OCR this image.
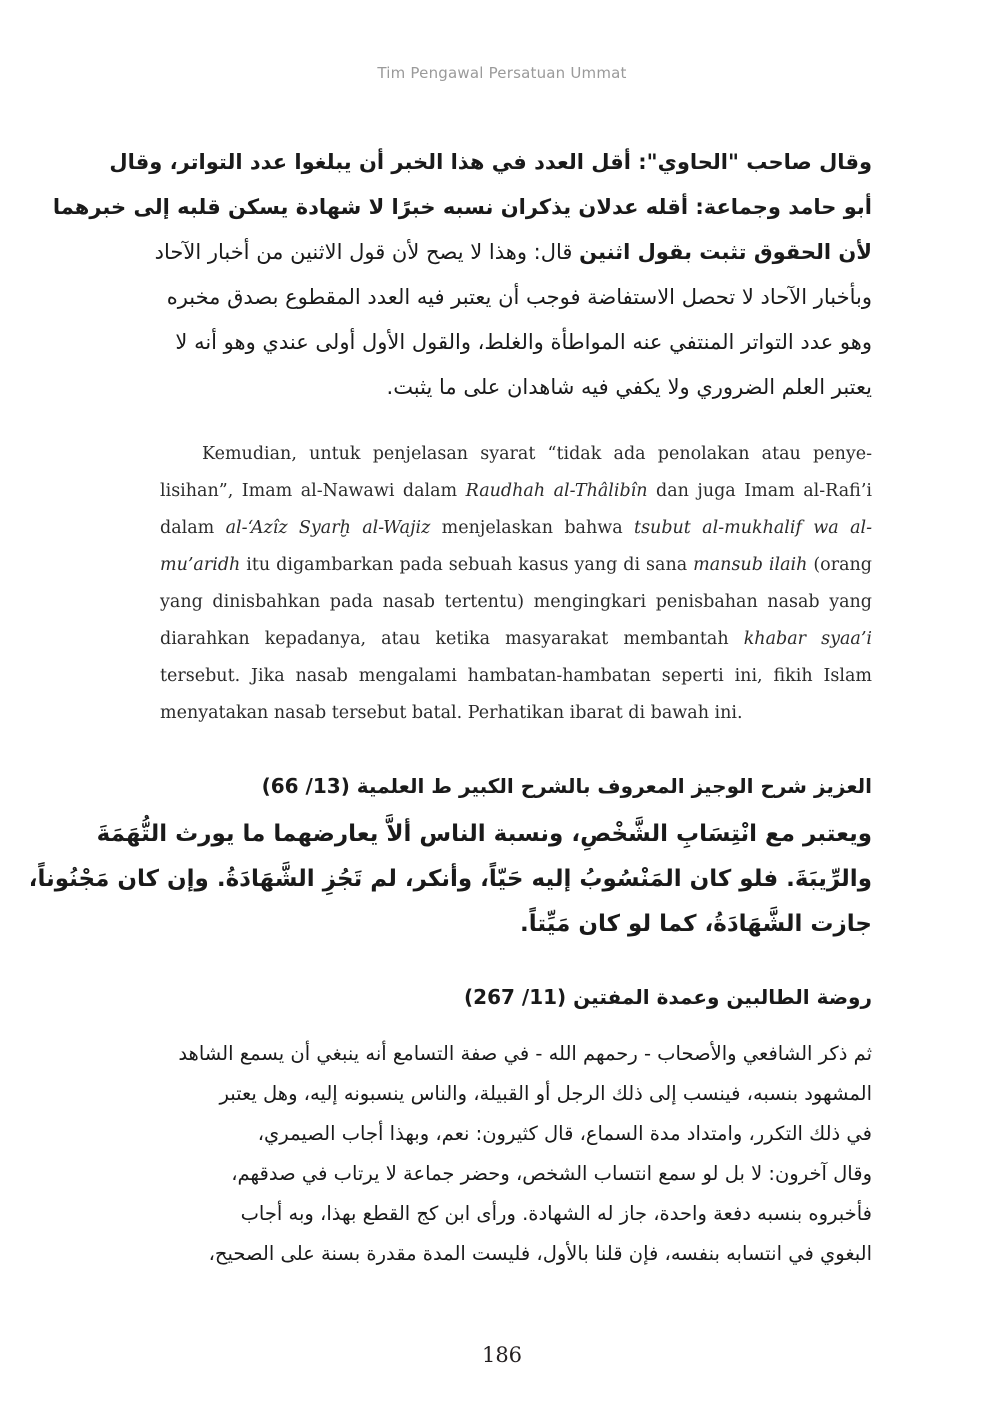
Tim Pengawal Persatuan Ummat
وقال صاحب "الحاوي": أقل العدد في هذا الخبر أن يبلغوا عدد التواتر، وقال
أبو حامد وجماعة: أقله عدلان يذكران نسبه خبرًا لا شهادة يسكن قلبه إلى خبرهما
لأن الحقوق تثبت بقول اثنين قال: وهذا لا يصح لأن قول الاثنين من أخبار الآحاد
وبأخبار الآحاد لا تحصل الاستفاضة فوجب أن يعتبر فيه العدد المقطوع بصدق مخبره
وهو عدد التواتر المنتفي عنه المواطأة والغلط، والقول الأول أولى عندي وهو أنه لا
يعتبر العلم الضروري ولا يكفي فيه شاهدان على ما يثبت.

Kemudian, untuk penjelasan syarat “tidak ada penolakan atau penye-lisihan”, Imam al-Nawawi dalam Raudhah al-Thâlibîn dan juga Imam al-Rafi’i dalam al-‘Azîz Syarḫ al-Wajiz menjelaskan bahwa tsubut al-mukhalif wa al-mu’aridh itu digambarkan pada sebuah kasus yang di sana mansub ilaih (orang yang dinisbahkan pada nasab tertentu) mengingkari penisbahan nasab yang diarahkan kepadanya, atau ketika masyarakat membantah khabar syaa’i tersebut. Jika nasab mengalami hambatan-hambatan seperti ini, fikih Islam menyatakan nasab tersebut batal. Perhatikan ibarat di bawah ini.

العزيز شرح الوجيز المعروف بالشرح الكبير ط العلمية (13/ 66)
ويعتبر مع انْتِسَابِ الشَّخْصِ، ونسبة الناس ألاَّ يعارضهما ما يورث التُّهَمَةَ
والرِّيبَةَ. فلو كان المَنْسُوبُ إليه حَيّاً، وأنكر، لم تَجُزِ الشَّهَادَةُ. وإن كان مَجْنُوناً،
جازت الشَّهَادَةُ، كما لو كان مَيِّتاً.
روضة الطالبين وعمدة المفتين (11/ 267)
ثم ذكر الشافعي والأصحاب - رحمهم الله - في صفة التسامع أنه ينبغي أن يسمع الشاهد
المشهود بنسبه، فينسب إلى ذلك الرجل أو القبيلة، والناس ينسبونه إليه، وهل يعتبر
في ذلك التكرر، وامتداد مدة السماع، قال كثيرون: نعم، وبهذا أجاب الصيمري،
وقال آخرون: لا بل لو سمع انتساب الشخص، وحضر جماعة لا يرتاب في صدقهم،
فأخبروه بنسبه دفعة واحدة، جاز له الشهادة. ورأى ابن كج القطع بهذا، وبه أجاب
البغوي في انتسابه بنفسه، فإن قلنا بالأول، فليست المدة مقدرة بسنة على الصحيح،
186
